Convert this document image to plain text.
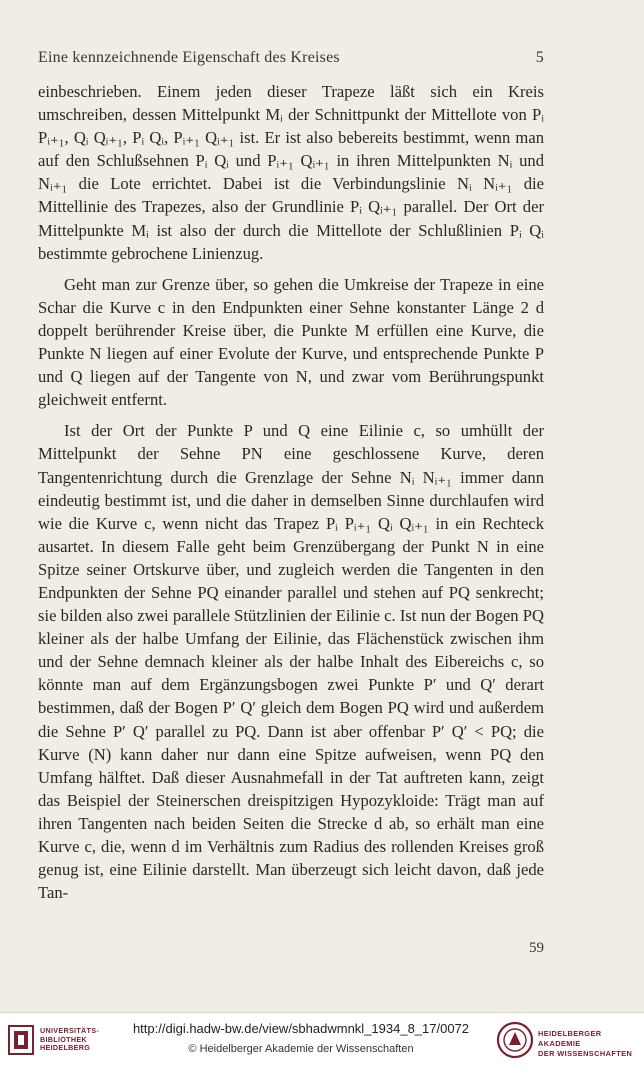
Eine kennzeichnende Eigenschaft des Kreises	5

einbeschrieben. Einem jeden dieser Trapeze läßt sich ein Kreis umschreiben, dessen Mittelpunkt Mᵢ der Schnittpunkt der Mittellote von Pᵢ Pᵢ₊₁, Qᵢ Qᵢ₊₁, Pᵢ Qᵢ, Pᵢ₊₁ Qᵢ₊₁ ist. Er ist also bebereits bestimmt, wenn man auf den Schlußsehnen Pᵢ Qᵢ und Pᵢ₊₁ Qᵢ₊₁ in ihren Mittelpunkten Nᵢ und Nᵢ₊₁ die Lote errichtet. Dabei ist die Verbindungslinie Nᵢ Nᵢ₊₁ die Mittellinie des Trapezes, also der Grundlinie Pᵢ Qᵢ₊₁ parallel. Der Ort der Mittelpunkte Mᵢ ist also der durch die Mittellote der Schlußlinien Pᵢ Qᵢ bestimmte gebrochene Linienzug.

Geht man zur Grenze über, so gehen die Umkreise der Trapeze in eine Schar die Kurve c in den Endpunkten einer Sehne konstanter Länge 2 d doppelt berührender Kreise über, die Punkte M erfüllen eine Kurve, die Punkte N liegen auf einer Evolute der Kurve, und entsprechende Punkte P und Q liegen auf der Tangente von N, und zwar vom Berührungspunkt gleichweit entfernt.

Ist der Ort der Punkte P und Q eine Eilinie c, so umhüllt der Mittelpunkt der Sehne PN eine geschlossene Kurve, deren Tangentenrichtung durch die Grenzlage der Sehne Nᵢ Nᵢ₊₁ immer dann eindeutig bestimmt ist, und die daher in demselben Sinne durchlaufen wird wie die Kurve c, wenn nicht das Trapez Pᵢ Pᵢ₊₁ Qᵢ Qᵢ₊₁ in ein Rechteck ausartet. In diesem Falle geht beim Grenzübergang der Punkt N in eine Spitze seiner Ortskurve über, und zugleich werden die Tangenten in den Endpunkten der Sehne PQ einander parallel und stehen auf PQ senkrecht; sie bilden also zwei parallele Stützlinien der Eilinie c. Ist nun der Bogen PQ kleiner als der halbe Umfang der Eilinie, das Flächenstück zwischen ihm und der Sehne demnach kleiner als der halbe Inhalt des Eibereichs c, so könnte man auf dem Ergänzungsbogen zwei Punkte P′ und Q′ derart bestimmen, daß der Bogen P′ Q′ gleich dem Bogen PQ wird und außerdem die Sehne P′ Q′ parallel zu PQ. Dann ist aber offenbar P′ Q′ < PQ; die Kurve (N) kann daher nur dann eine Spitze aufweisen, wenn PQ den Umfang hälftet. Daß dieser Ausnahmefall in der Tat auftreten kann, zeigt das Beispiel der Steinerschen dreispitzigen Hypozykloide: Trägt man auf ihren Tangenten nach beiden Seiten die Strecke d ab, so erhält man eine Kurve c, die, wenn d im Verhältnis zum Radius des rollenden Kreises groß genug ist, eine Eilinie darstellt. Man überzeugt sich leicht davon, daß jede Tan-

59
UNIVERSITÄTS-
BIBLIOTHEK
HEIDELBERG
http://digi.hadw-bw.de/view/sbhadwmnkl_1934_8_17/0072
© Heidelberger Akademie der Wissenschaften
HEIDELBERGER AKADEMIE
DER WISSENSCHAFTEN
